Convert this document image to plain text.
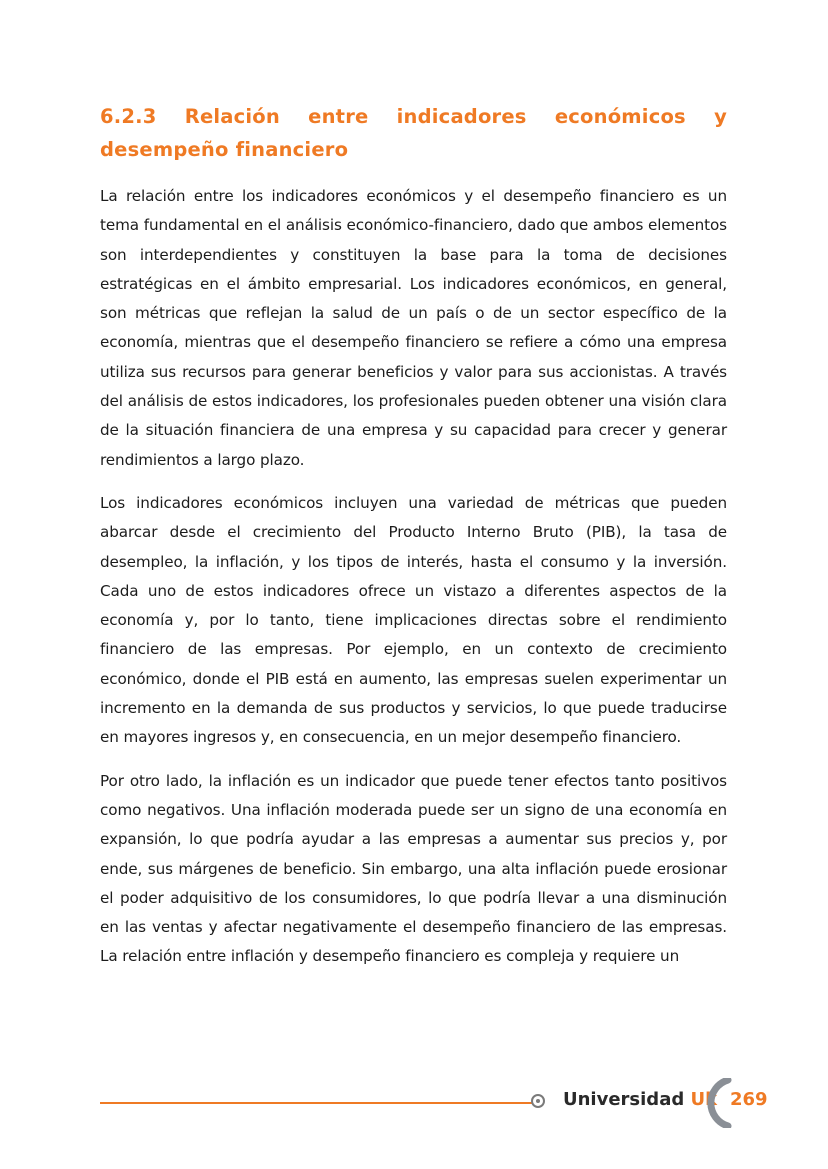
6.2.3 Relación entre indicadores económicos y desempeño financiero

La relación entre los indicadores económicos y el desempeño financiero es un tema fundamental en el análisis económico-financiero, dado que ambos elementos son interdependientes y constituyen la base para la toma de decisiones estratégicas en el ámbito empresarial. Los indicadores económicos, en general, son métricas que reflejan la salud de un país o de un sector específico de la economía, mientras que el desempeño financiero se refiere a cómo una empresa utiliza sus recursos para generar beneficios y valor para sus accionistas. A través del análisis de estos indicadores, los profesionales pueden obtener una visión clara de la situación financiera de una empresa y su capacidad para crecer y generar rendimientos a largo plazo.

Los indicadores económicos incluyen una variedad de métricas que pueden abarcar desde el crecimiento del Producto Interno Bruto (PIB), la tasa de desempleo, la inflación, y los tipos de interés, hasta el consumo y la inversión. Cada uno de estos indicadores ofrece un vistazo a diferentes aspectos de la economía y, por lo tanto, tiene implicaciones directas sobre el rendimiento financiero de las empresas. Por ejemplo, en un contexto de crecimiento económico, donde el PIB está en aumento, las empresas suelen experimentar un incremento en la demanda de sus productos y servicios, lo que puede traducirse en mayores ingresos y, en consecuencia, en un mejor desempeño financiero.

Por otro lado, la inflación es un indicador que puede tener efectos tanto positivos como negativos. Una inflación moderada puede ser un signo de una economía en expansión, lo que podría ayudar a las empresas a aumentar sus precios y, por ende, sus márgenes de beneficio. Sin embargo, una alta inflación puede erosionar el poder adquisitivo de los consumidores, lo que podría llevar a una disminución en las ventas y afectar negativamente el desempeño financiero de las empresas. La relación entre inflación y desempeño financiero es compleja y requiere un

Universidad Uk 269
